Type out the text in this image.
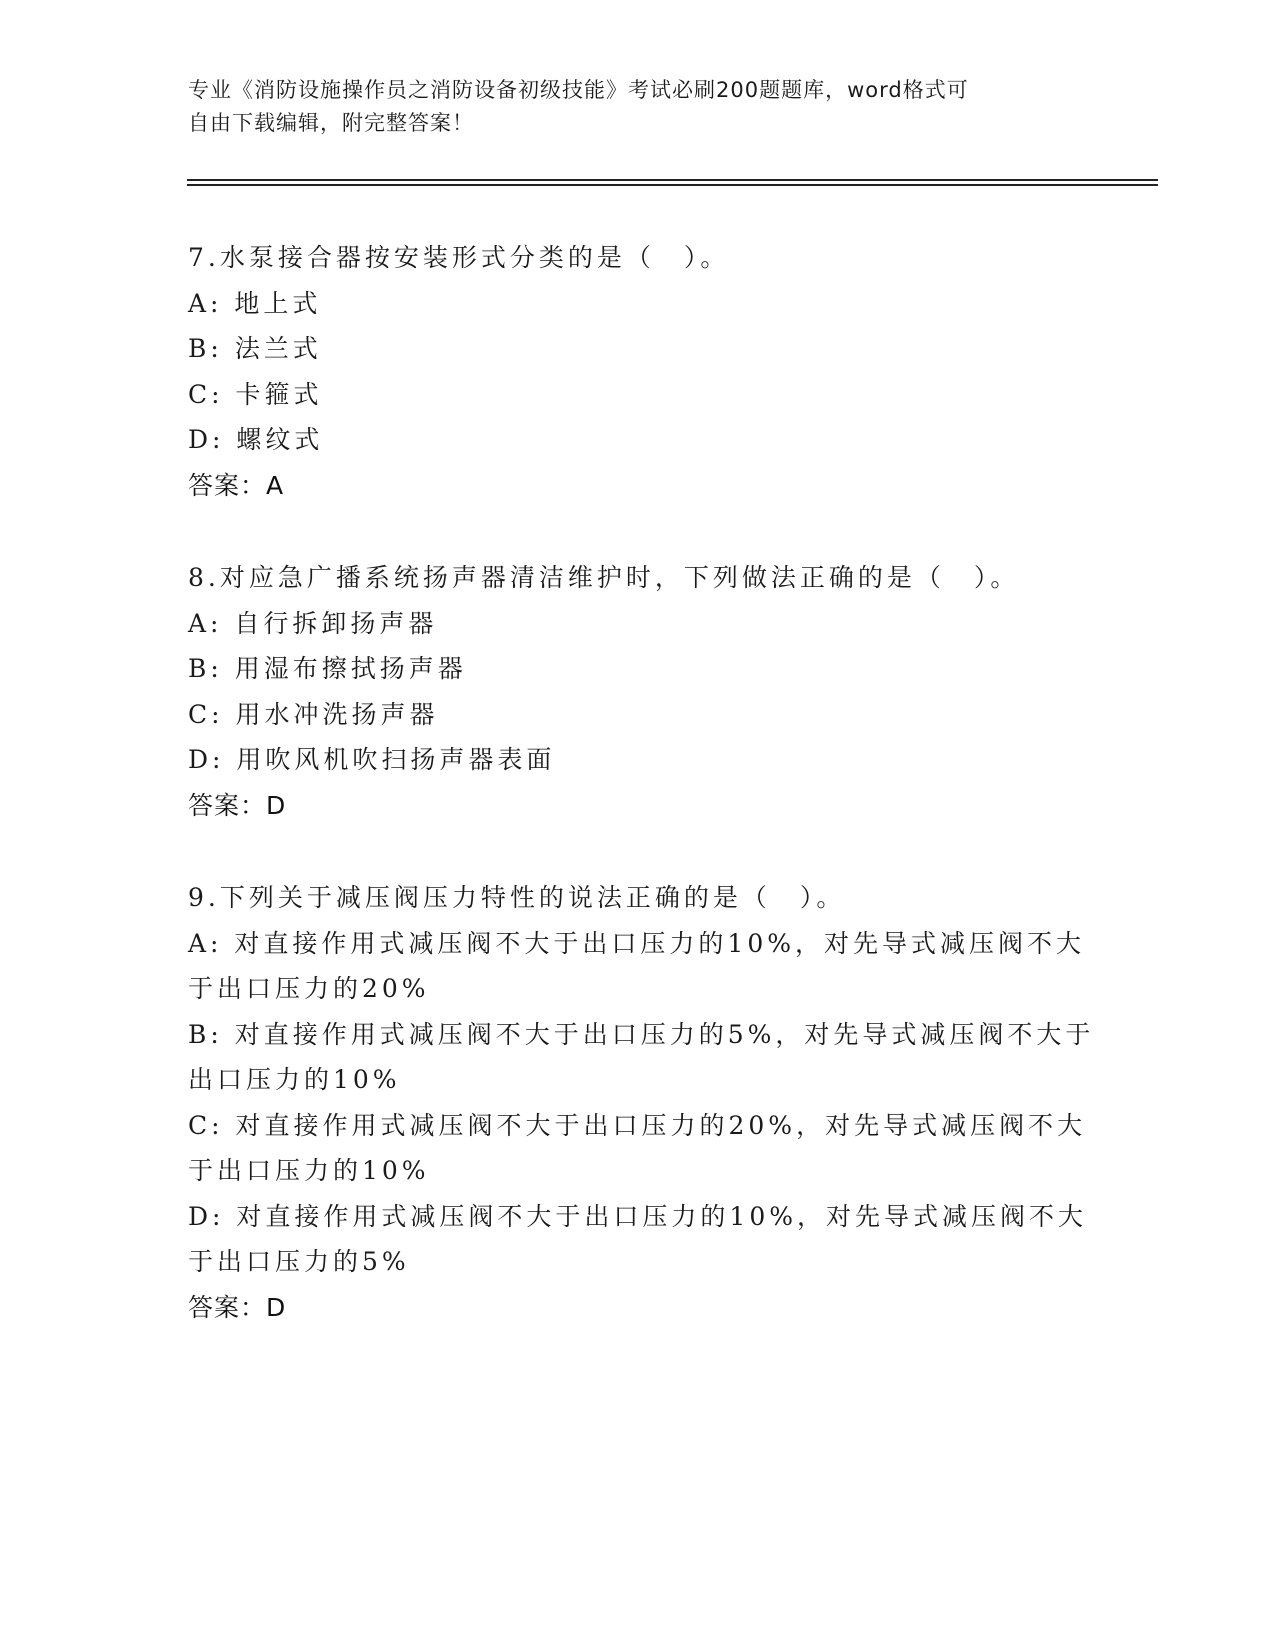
专业《消防设施操作员之消防设备初级技能》考试必刷200题题库，word格式可
自由下载编辑，附完整答案！
7.水泵接合器按安装形式分类的是（　）。
A: 地上式
B: 法兰式
C: 卡箍式
D: 螺纹式
答案：A
8.对应急广播系统扬声器清洁维护时，下列做法正确的是（　）。
A: 自行拆卸扬声器
B: 用湿布擦拭扬声器
C: 用水冲洗扬声器
D: 用吹风机吹扫扬声器表面
答案：D
9.下列关于减压阀压力特性的说法正确的是（　）。
A: 对直接作用式减压阀不大于出口压力的10%，对先导式减压阀不大
于出口压力的20%
B: 对直接作用式减压阀不大于出口压力的5%，对先导式减压阀不大于
出口压力的10%
C: 对直接作用式减压阀不大于出口压力的20%，对先导式减压阀不大
于出口压力的10%
D: 对直接作用式减压阀不大于出口压力的10%，对先导式减压阀不大
于出口压力的5%
答案：D
